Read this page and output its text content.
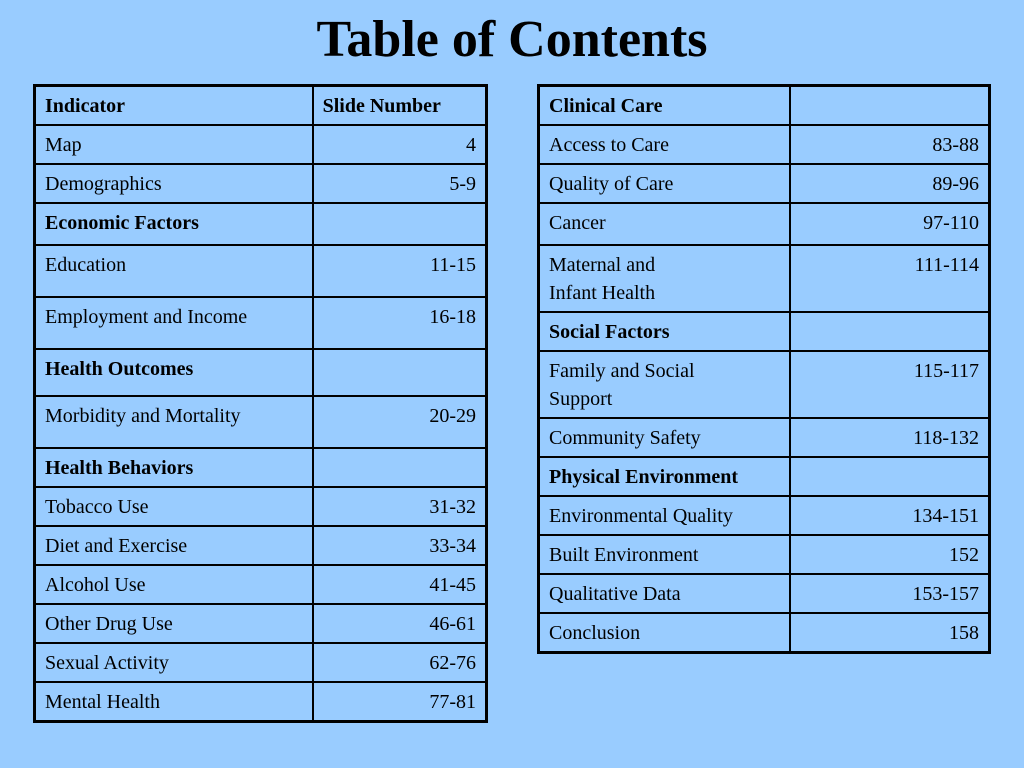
Table of Contents
Indicator	Slide Number
Map	4
Demographics	5-9
Economic Factors	
Education	11-15
Employment and Income	16-18
Health Outcomes	
Morbidity and Mortality	20-29
Health Behaviors	
Tobacco Use	31-32
Diet and Exercise	33-34
Alcohol Use	41-45
Other Drug Use	46-61
Sexual Activity	62-76
Mental Health	77-81
Clinical Care	
Access to Care	83-88
Quality of Care	89-96
Cancer	97-110
Maternal and
Infant Health	111-114
Social Factors	
Family and Social Support	115-117
Community Safety	118-132
Physical Environment	
Environmental Quality	134-151
Built Environment	152
Qualitative Data	153-157
Conclusion	158
